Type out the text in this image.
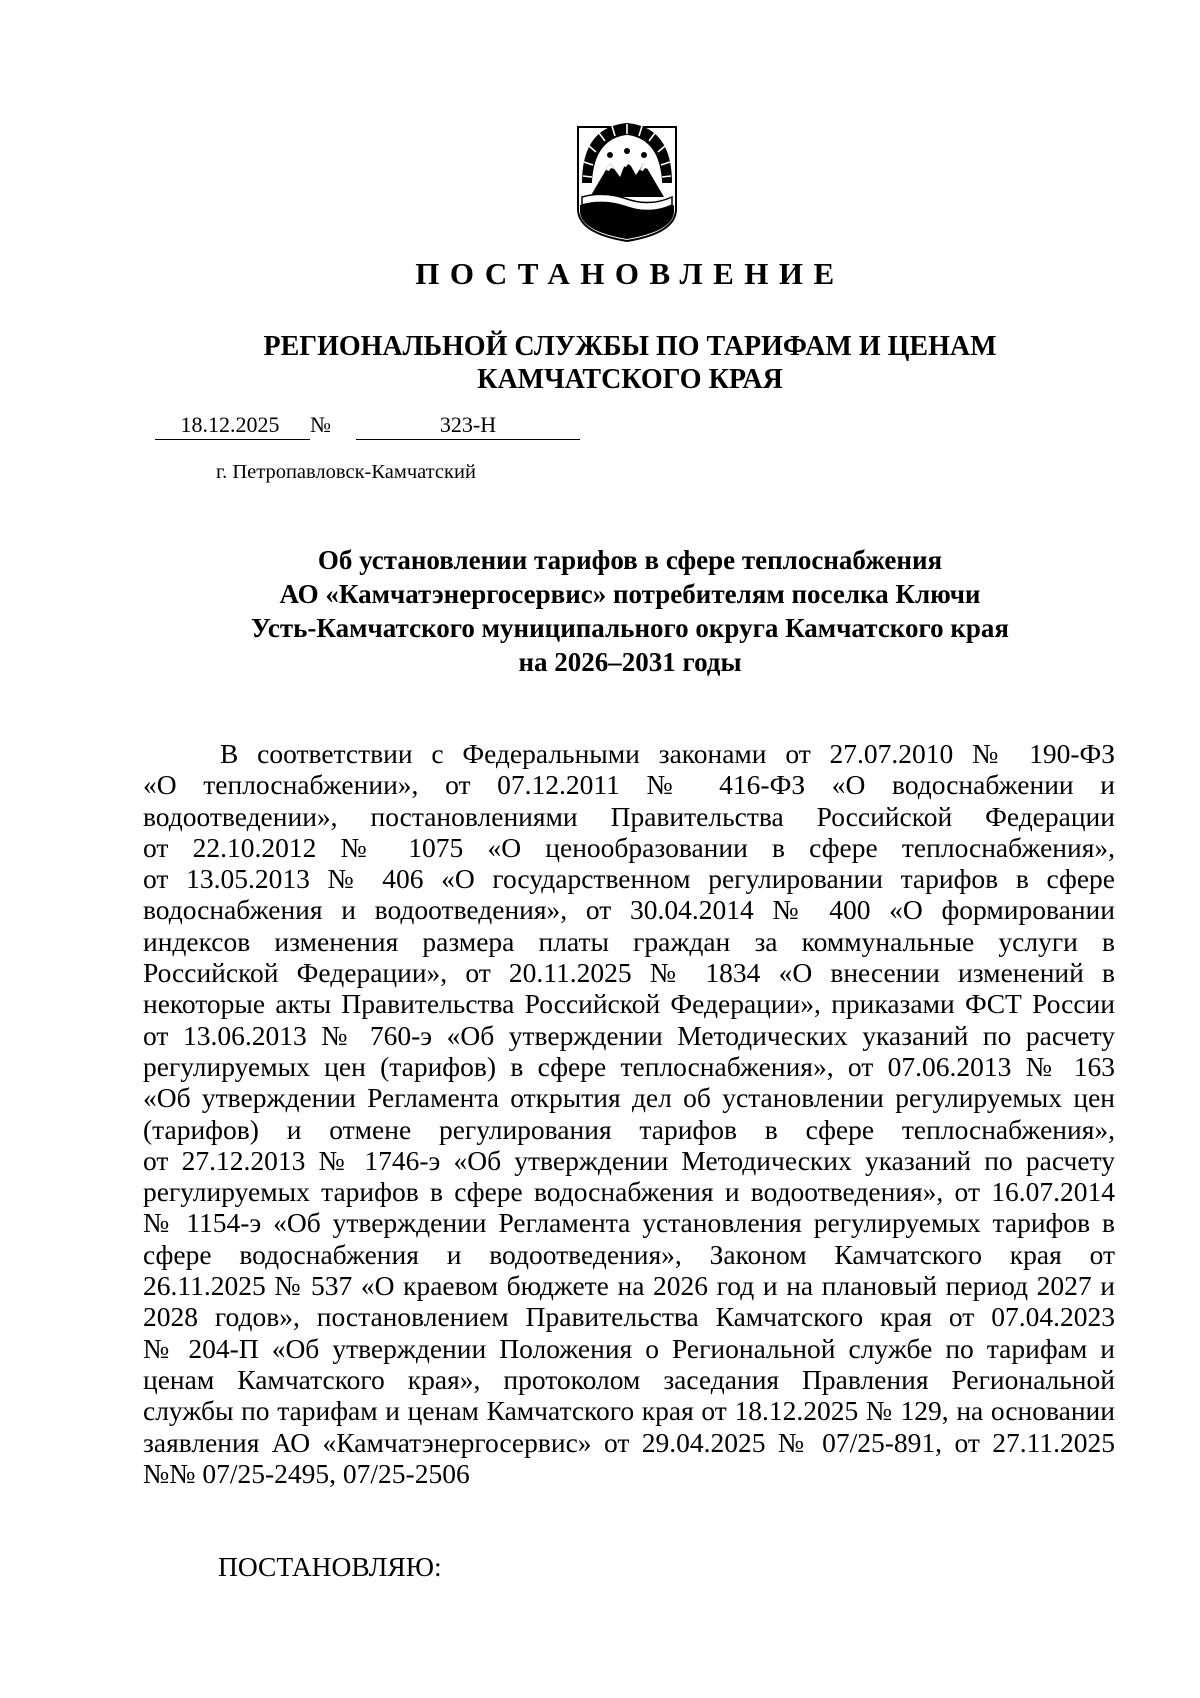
ПОСТАНОВЛЕНИЕ
РЕГИОНАЛЬНОЙ СЛУЖБЫ ПО ТАРИФАМ И ЦЕНАМ
КАМЧАТСКОГО КРАЯ
18.12.2025	№	323-Н
г. Петропавловск-Камчатский
Об установлении тарифов в сфере теплоснабжения
АО «Камчатэнергосервис» потребителям поселка Ключи
Усть-Камчатского муниципального округа Камчатского края
на 2026–2031 годы
В соответствии с Федеральными законами от 27.07.2010 № 190-ФЗ
«О теплоснабжении», от 07.12.2011 № 416-ФЗ «О водоснабжении и
водоотведении», постановлениями Правительства Российской Федерации
от 22.10.2012 № 1075 «О ценообразовании в сфере теплоснабжения»,
от 13.05.2013 № 406 «О государственном регулировании тарифов в сфере
водоснабжения и водоотведения», от 30.04.2014 № 400 «О формировании
индексов изменения размера платы граждан за коммунальные услуги в
Российской Федерации», от 20.11.2025 № 1834 «О внесении изменений в
некоторые акты Правительства Российской Федерации», приказами ФСТ России
от 13.06.2013 № 760-э «Об утверждении Методических указаний по расчету
регулируемых цен (тарифов) в сфере теплоснабжения», от 07.06.2013 № 163
«Об утверждении Регламента открытия дел об установлении регулируемых цен
(тарифов) и отмене регулирования тарифов в сфере теплоснабжения»,
от 27.12.2013 № 1746-э «Об утверждении Методических указаний по расчету
регулируемых тарифов в сфере водоснабжения и водоотведения», от 16.07.2014
№ 1154-э «Об утверждении Регламента установления регулируемых тарифов в
сфере водоснабжения и водоотведения», Законом Камчатского края от
26.11.2025 № 537 «О краевом бюджете на 2026 год и на плановый период 2027 и
2028 годов», постановлением Правительства Камчатского края от 07.04.2023
№ 204-П «Об утверждении Положения о Региональной службе по тарифам и
ценам Камчатского края», протоколом заседания Правления Региональной
службы по тарифам и ценам Камчатского края от 18.12.2025 № 129, на основании
заявления АО «Камчатэнергосервис» от 29.04.2025 № 07/25-891, от 27.11.2025
№№ 07/25-2495, 07/25-2506
ПОСТАНОВЛЯЮ:
